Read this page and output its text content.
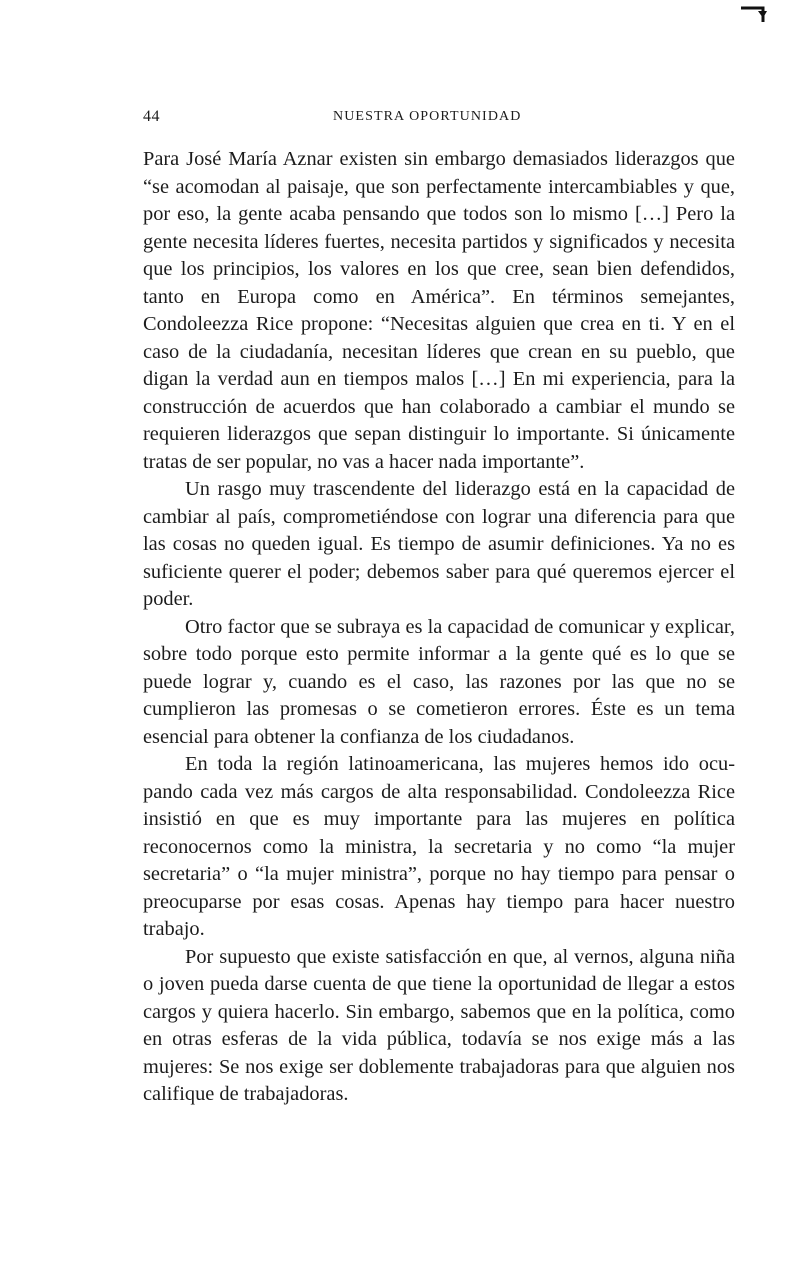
44	NUESTRA OPORTUNIDAD

Para José María Aznar existen sin embargo demasiados liderazgos que “se acomodan al paisaje, que son perfectamente intercambiables y que, por eso, la gente acaba pensando que todos son lo mismo […] Pero la gente necesita líderes fuertes, necesita partidos y significados y necesita que los principios, los valores en los que cree, sean bien defendidos, tanto en Europa como en América”. En términos semejantes, Condoleezza Rice propone: “Necesitas alguien que crea en ti. Y en el caso de la ciudadanía, necesitan líderes que crean en su pueblo, que digan la verdad aun en tiempos malos […] En mi experiencia, para la construcción de acuerdos que han colaborado a cambiar el mundo se requieren liderazgos que sepan distinguir lo importante. Si únicamente tratas de ser popular, no vas a hacer nada importante”.

Un rasgo muy trascendente del liderazgo está en la capacidad de cambiar al país, comprometiéndose con lograr una diferencia para que las cosas no queden igual. Es tiempo de asumir definiciones. Ya no es suficiente querer el poder; debemos saber para qué queremos ejercer el poder.

Otro factor que se subraya es la capacidad de comunicar y explicar, sobre todo porque esto permite informar a la gente qué es lo que se puede lograr y, cuando es el caso, las razones por las que no se cumplieron las promesas o se cometieron errores. Éste es un tema esencial para obtener la confianza de los ciudadanos.

En toda la región latinoamericana, las mujeres hemos ido ocupando cada vez más cargos de alta responsabilidad. Condoleezza Rice insistió en que es muy importante para las mujeres en política reconocernos como la ministra, la secretaria y no como “la mujer secretaria” o “la mujer ministra”, porque no hay tiempo para pensar o preocuparse por esas cosas. Apenas hay tiempo para hacer nuestro trabajo.

Por supuesto que existe satisfacción en que, al vernos, alguna niña o joven pueda darse cuenta de que tiene la oportunidad de llegar a estos cargos y quiera hacerlo. Sin embargo, sabemos que en la política, como en otras esferas de la vida pública, todavía se nos exige más a las mujeres: Se nos exige ser doblemente trabajadoras para que alguien nos califique de trabajadoras.
